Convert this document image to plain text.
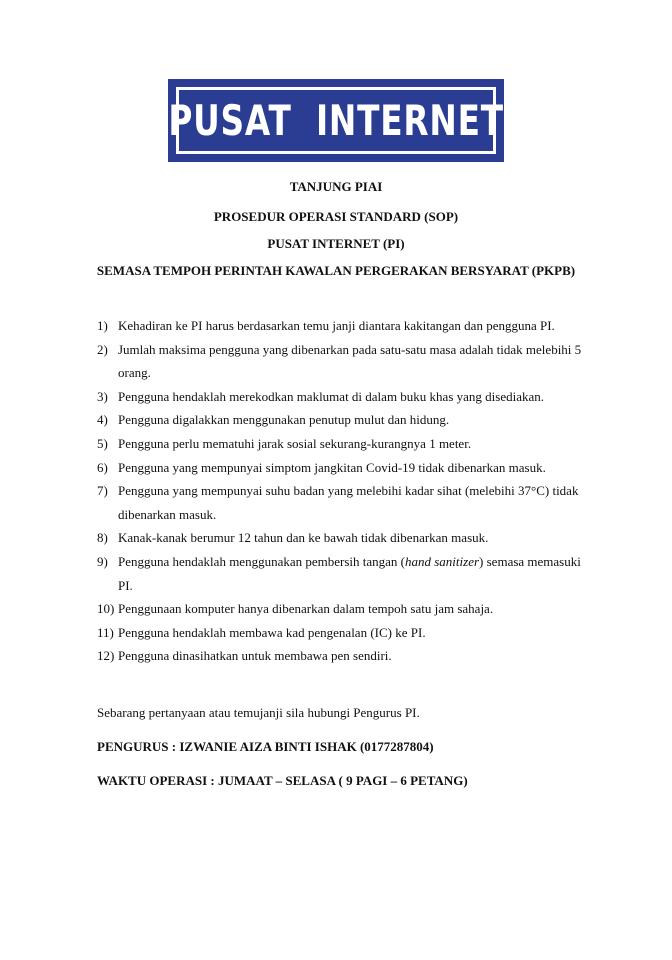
PUSAT  INTERNET
TANJUNG PIAI
PROSEDUR OPERASI STANDARD (SOP)
PUSAT INTERNET (PI)
SEMASA TEMPOH PERINTAH KAWALAN PERGERAKAN BERSYARAT (PKPB)
1) Kehadiran ke PI harus berdasarkan temu janji diantara kakitangan dan pengguna PI.
2) Jumlah maksima pengguna yang dibenarkan pada satu-satu masa adalah tidak melebihi 5 orang.
3) Pengguna hendaklah merekodkan maklumat di dalam buku khas yang disediakan.
4) Pengguna digalakkan menggunakan penutup mulut dan hidung.
5) Pengguna perlu mematuhi jarak sosial sekurang-kurangnya 1 meter.
6) Pengguna yang mempunyai simptom jangkitan Covid-19 tidak dibenarkan masuk.
7) Pengguna yang mempunyai suhu badan yang melebihi kadar sihat (melebihi 37°C) tidak dibenarkan masuk.
8) Kanak-kanak berumur 12 tahun dan ke bawah tidak dibenarkan masuk.
9) Pengguna hendaklah menggunakan pembersih tangan (hand sanitizer) semasa memasuki PI.
10) Penggunaan komputer hanya dibenarkan dalam tempoh satu jam sahaja.
11) Pengguna hendaklah membawa kad pengenalan (IC) ke PI.
12) Pengguna dinasihatkan untuk membawa pen sendiri.
Sebarang pertanyaan atau temujanji sila hubungi Pengurus PI.
PENGURUS : IZWANIE AIZA BINTI ISHAK (0177287804)
WAKTU OPERASI : JUMAAT – SELASA ( 9 PAGI – 6 PETANG)
